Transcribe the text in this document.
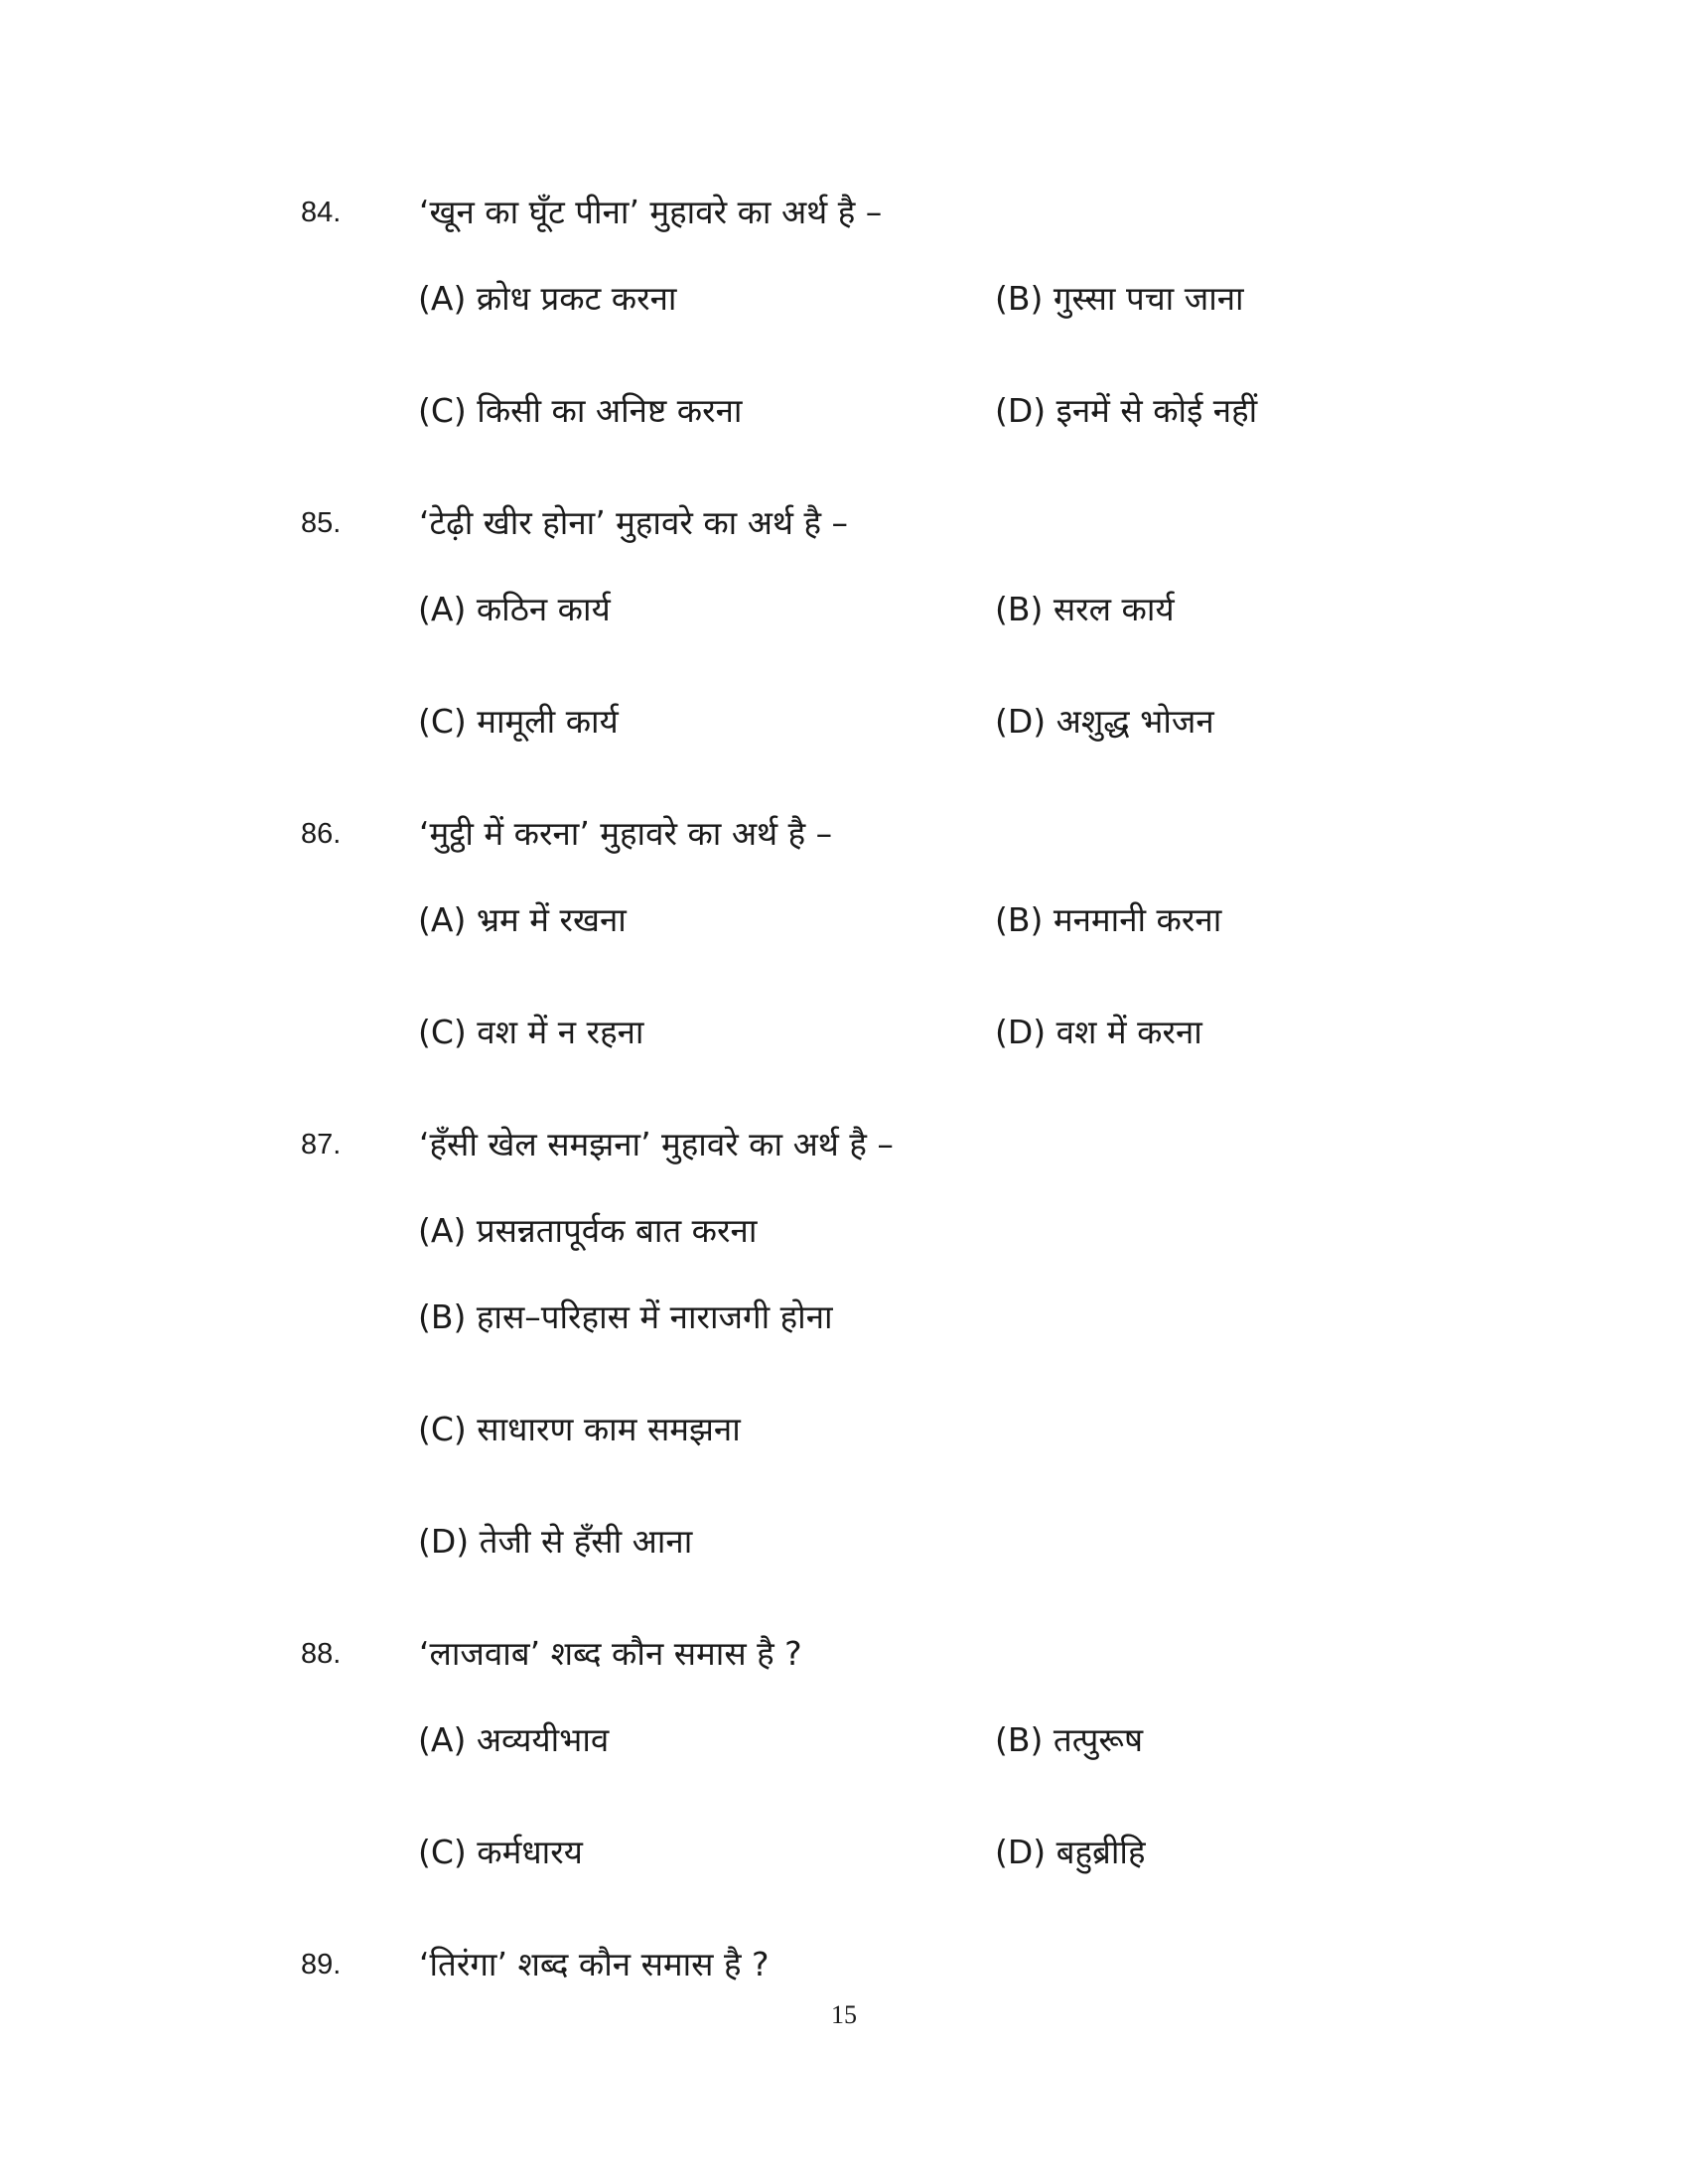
84. ‘खून का घूँट पीना’ मुहावरे का अर्थ है –
(A) क्रोध प्रकट करना	(B) गुस्सा पचा जाना
(C) किसी का अनिष्ट करना	(D) इनमें से कोई नहीं
85. ‘टेढ़ी खीर होना’ मुहावरे का अर्थ है –
(A) कठिन कार्य	(B) सरल कार्य
(C) मामूली कार्य	(D) अशुद्ध भोजन
86. ‘मुट्ठी में करना’ मुहावरे का अर्थ है –
(A) भ्रम में रखना	(B) मनमानी करना
(C) वश में न रहना	(D) वश में करना
87. ‘हँसी खेल समझना’ मुहावरे का अर्थ है –
(A) प्रसन्नतापूर्वक बात करना
(B) हास–परिहास में नाराजगी होना
(C) साधारण काम समझना
(D) तेजी से हँसी आना
88. ‘लाजवाब’ शब्द कौन समास है ?
(A) अव्ययीभाव	(B) तत्पुरूष
(C) कर्मधारय	(D) बहुब्रीहि
89. ‘तिरंगा’ शब्द कौन समास है ?
15
